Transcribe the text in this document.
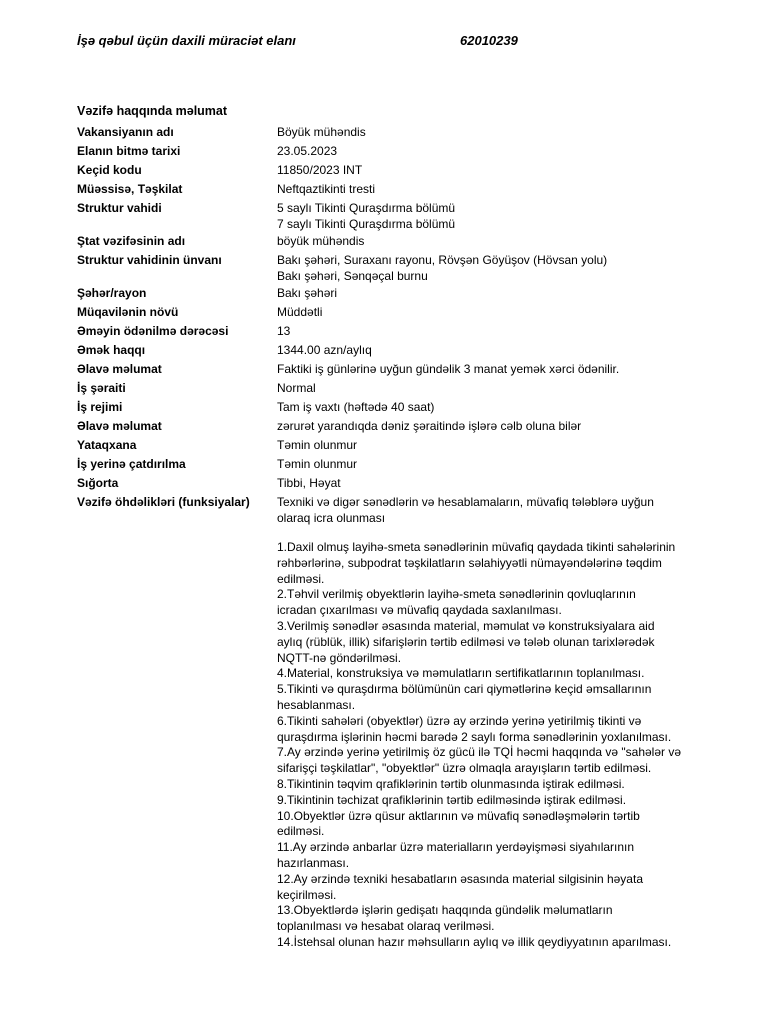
İşə qəbul üçün daxili müraciət elanı	62010239
Vəzifə haqqında məlumat
Vakansiyanın adı	Böyük mühəndis
Elanın bitmə tarixi	23.05.2023
Keçid kodu	11850/2023 INT
Müəssisə, Təşkilat	Neftqaztikinti tresti
Struktur vahidi	5 saylı Tikinti Quraşdırma bölümü
7 saylı Tikinti Quraşdırma bölümü
Ştat vəzifəsinin adı	böyük mühəndis
Struktur vahidinin ünvanı	Bakı şəhəri, Suraxanı rayonu, Rövşən Göyüşov (Hövsan yolu)
Bakı şəhəri, Sənqəçal burnu
Şəhər/rayon	Bakı şəhəri
Müqavilənin növü	Müddətli
Əməyin ödənilmə dərəcəsi	13
Əmək haqqı	1344.00 azn/aylıq
Əlavə məlumat	Faktiki iş günlərinə uyğun gündəlik 3 manat yemək xərci ödənilir.
İş şəraiti	Normal
İş rejimi	Tam iş vaxtı (həftədə 40 saat)
Əlavə məlumat	zərurət yarandıqda dəniz şəraitində işlərə cəlb oluna bilər
Yataqxana	Təmin olunmur
İş yerinə çatdırılma	Təmin olunmur
Sığorta	Tibbi, Həyat
Vəzifə öhdəlikləri (funksiyalar)	Texniki və digər sənədlərin və hesablamaların, müvafiq tələblərə uyğun
olaraq icra olunması
1.Daxil olmuş layihə-smeta sənədlərinin müvafiq qaydada tikinti sahələrinin
rəhbərlərinə, subpodrat təşkilatların səlahiyyətli nümayəndələrinə təqdim
edilməsi.
2.Təhvil verilmiş obyektlərin layihə-smeta sənədlərinin qovluqlarının
icradan çıxarılması və müvafiq qaydada saxlanılması.
3.Verilmiş sənədlər əsasında material, məmulat və konstruksiyalara aid
aylıq (rüblük, illik) sifarişlərin tərtib edilməsi və tələb olunan tarixlərədək
NQTT-nə göndərilməsi.
4.Material, konstruksiya və məmulatların sertifikatlarının toplanılması.
5.Tikinti və quraşdırma bölümünün cari qiymətlərinə keçid əmsallarının
hesablanması.
6.Tikinti sahələri (obyektlər) üzrə ay ərzində yerinə yetirilmiş tikinti və
quraşdırma işlərinin həcmi barədə 2 saylı forma sənədlərinin yoxlanılması.
7.Ay ərzində yerinə yetirilmiş öz gücü ilə TQİ həcmi haqqında və "sahələr və
sifarişçi təşkilatlar", "obyektlər" üzrə olmaqla arayışların tərtib edilməsi.
8.Tikintinin təqvim qrafiklərinin tərtib olunmasında iştirak edilməsi.
9.Tikintinin təchizat qrafiklərinin tərtib edilməsində iştirak edilməsi.
10.Obyektlər üzrə qüsur aktlarının və müvafiq sənədləşmələrin tərtib
edilməsi.
11.Ay ərzində anbarlar üzrə materialların yerdəyişməsi siyahılarının
hazırlanması.
12.Ay ərzində texniki hesabatların əsasında material silgisinin həyata
keçirilməsi.
13.Obyektlərdə işlərin gedişatı haqqında gündəlik məlumatların
toplanılması və hesabat olaraq verilməsi.
14.İstehsal olunan hazır məhsulların aylıq və illik qeydiyyatının aparılması.
